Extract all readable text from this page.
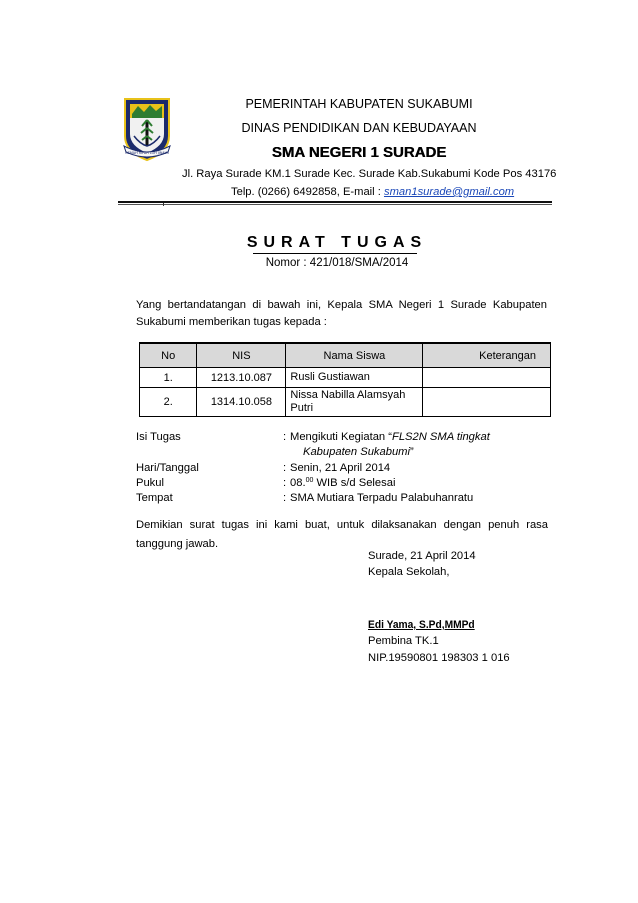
GEMAH RIPAH LOH JINAWI
PEMERINTAH KABUPATEN SUKABUMI
DINAS PENDIDIKAN DAN KEBUDAYAAN
SMA NEGERI 1 SURADE
Jl. Raya Surade KM.1 Surade Kec. Surade Kab.Sukabumi Kode Pos 43176
Telp. (0266) 6492858, E-mail : sman1surade@gmail.com
SURAT TUGAS
Nomor : 421/018/SMA/2014
Yang bertandatangan di bawah ini, Kepala SMA Negeri 1 Surade Kabupaten Sukabumi memberikan tugas kepada :
No	NIS	Nama Siswa	Keterangan
1.	1213.10.087	Rusli Gustiawan	
2.	1314.10.058	Nissa Nabilla Alamsyah Putri	
Isi Tugas	: Mengikuti Kegiatan “FLS2N SMA tingkat
Kabupaten Sukabumi”
Hari/Tanggal	: Senin, 21 April 2014
Pukul	: 08.00 WIB s/d Selesai
Tempat	: SMA Mutiara Terpadu Palabuhanratu
Demikian surat tugas ini kami buat, untuk dilaksanakan dengan penuh rasa tanggung jawab.
Surade, 21 April 2014
Kepala Sekolah,
Edi Yama, S.Pd,MMPd
Pembina TK.1
NIP.19590801 198303 1 016
